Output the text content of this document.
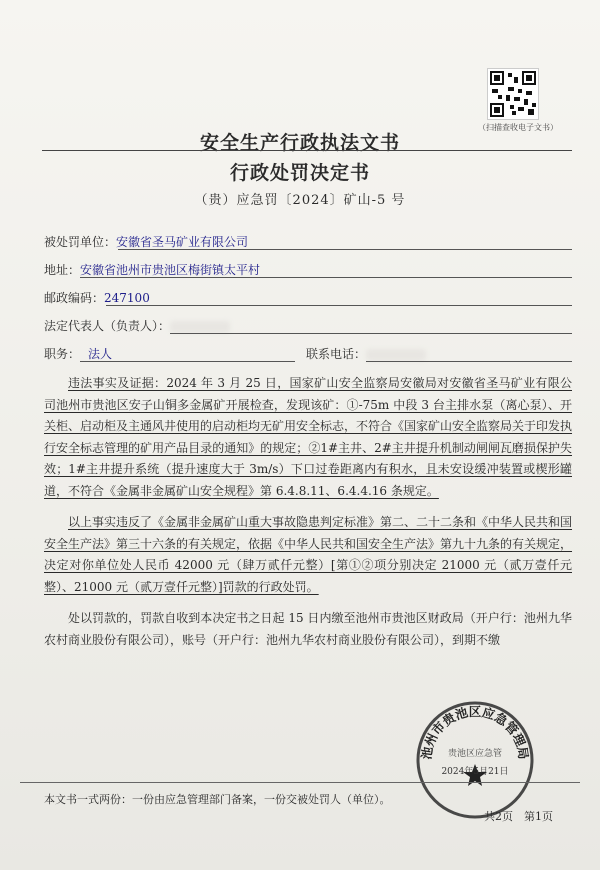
（扫描查收电子文书）
安全生产行政执法文书
行政处罚决定书
（贵）应急罚〔2024〕矿山-5 号
被处罚单位：安徽省圣马矿业有限公司
地址：安徽省池州市贵池区梅街镇太平村
邮政编码：247100
法定代表人（负责人）：
职务： 法人	联系电话：

违法事实及证据：2024 年 3 月 25 日，国家矿山安全监察局安徽局对安徽省圣马矿业有限公司池州市贵池区安子山铜多金属矿开展检查，发现该矿：①-75m 中段 3 台主排水泵（离心泵）、开关柜、启动柜及主通风井使用的启动柜均无矿用安全标志，不符合《国家矿山安全监察局关于印发执行安全标志管理的矿用产品目录的通知》的规定；②1#主井、2#主井提升机制动闸闸瓦磨损保护失效；1#主井提升系统（提升速度大于 3m/s）下口过卷距离内有积水，且未安设缓冲装置或楔形罐道，不符合《金属非金属矿山安全规程》第 6.4.8.11、6.4.4.16 条规定。

以上事实违反了《金属非金属矿山重大事故隐患判定标准》第二、二十二条和《中华人民共和国安全生产法》第三十六条的有关规定，依据《中华人民共和国安全生产法》第九十九条的有关规定，决定对你单位处人民币 42000 元（肆万贰仟元整）[第①②项分别决定 21000 元（贰万壹仟元整）、21000 元（贰万壹仟元整）]罚款的行政处罚。

处以罚款的，罚款自收到本决定书之日起 15 日内缴至池州市贵池区财政局（开户行：池州九华农村商业股份有限公司），账号（开户行：池州九华农村商业股份有限公司），到期不缴

池州市贵池区应急管理局
贵池区应急管
2024年5月21日
本文书一式两份：一份由应急管理部门备案，一份交被处罚人（单位）。
共2页　第1页
